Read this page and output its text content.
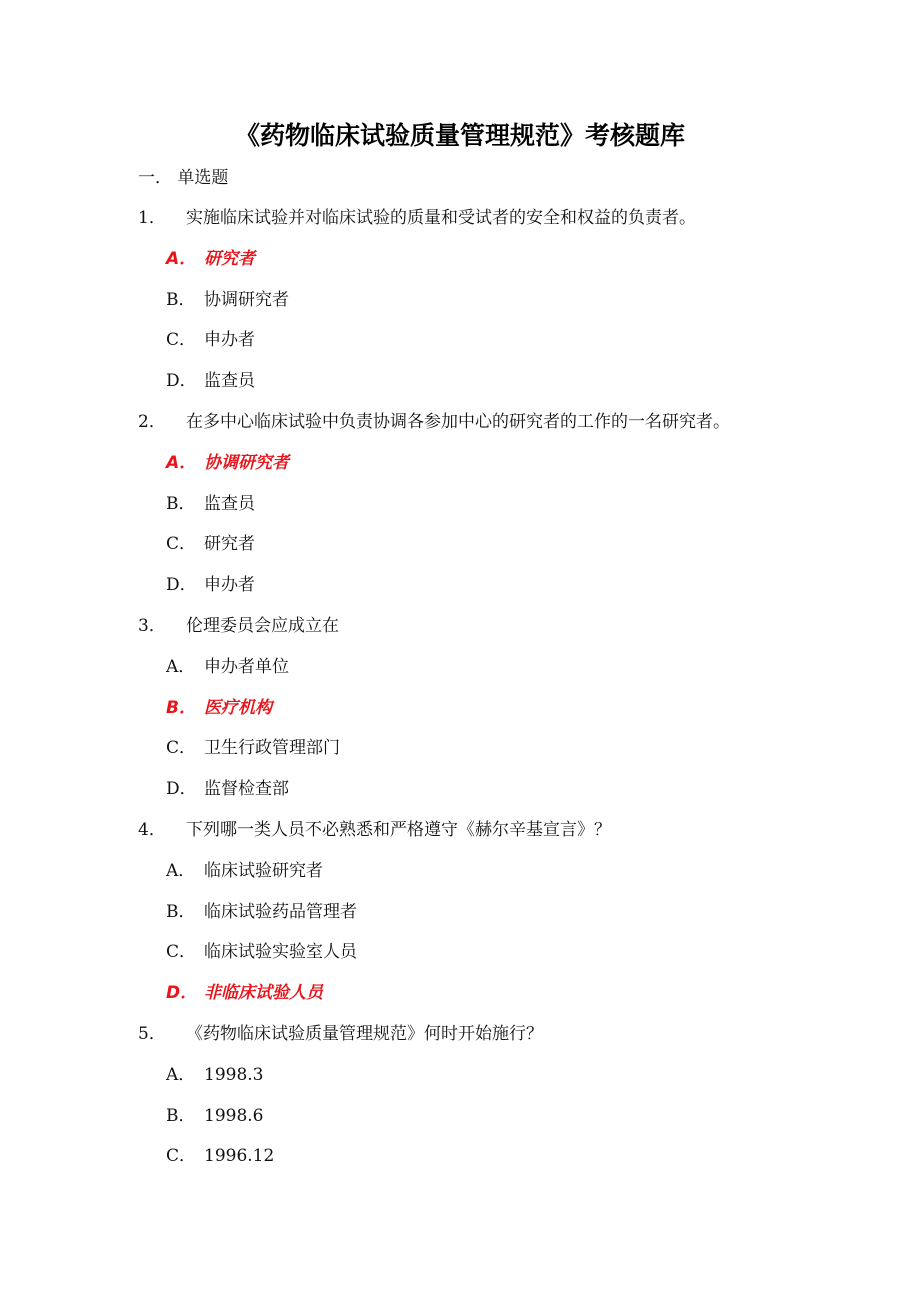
《药物临床试验质量管理规范》考核题库
一． 单选题
1． 实施临床试验并对临床试验的质量和受试者的安全和权益的负责者。
A． 研究者
B． 协调研究者
C． 申办者
D． 监查员
2． 在多中心临床试验中负责协调各参加中心的研究者的工作的一名研究者。
A． 协调研究者
B． 监查员
C． 研究者
D． 申办者
3． 伦理委员会应成立在
A． 申办者单位
B． 医疗机构
C． 卫生行政管理部门
D． 监督检查部
4． 下列哪一类人员不必熟悉和严格遵守《赫尔辛基宣言》？
A． 临床试验研究者
B． 临床试验药品管理者
C． 临床试验实验室人员
D． 非临床试验人员
5． 《药物临床试验质量管理规范》何时开始施行？
A． 1998.3
B． 1998.6
C． 1996.12
